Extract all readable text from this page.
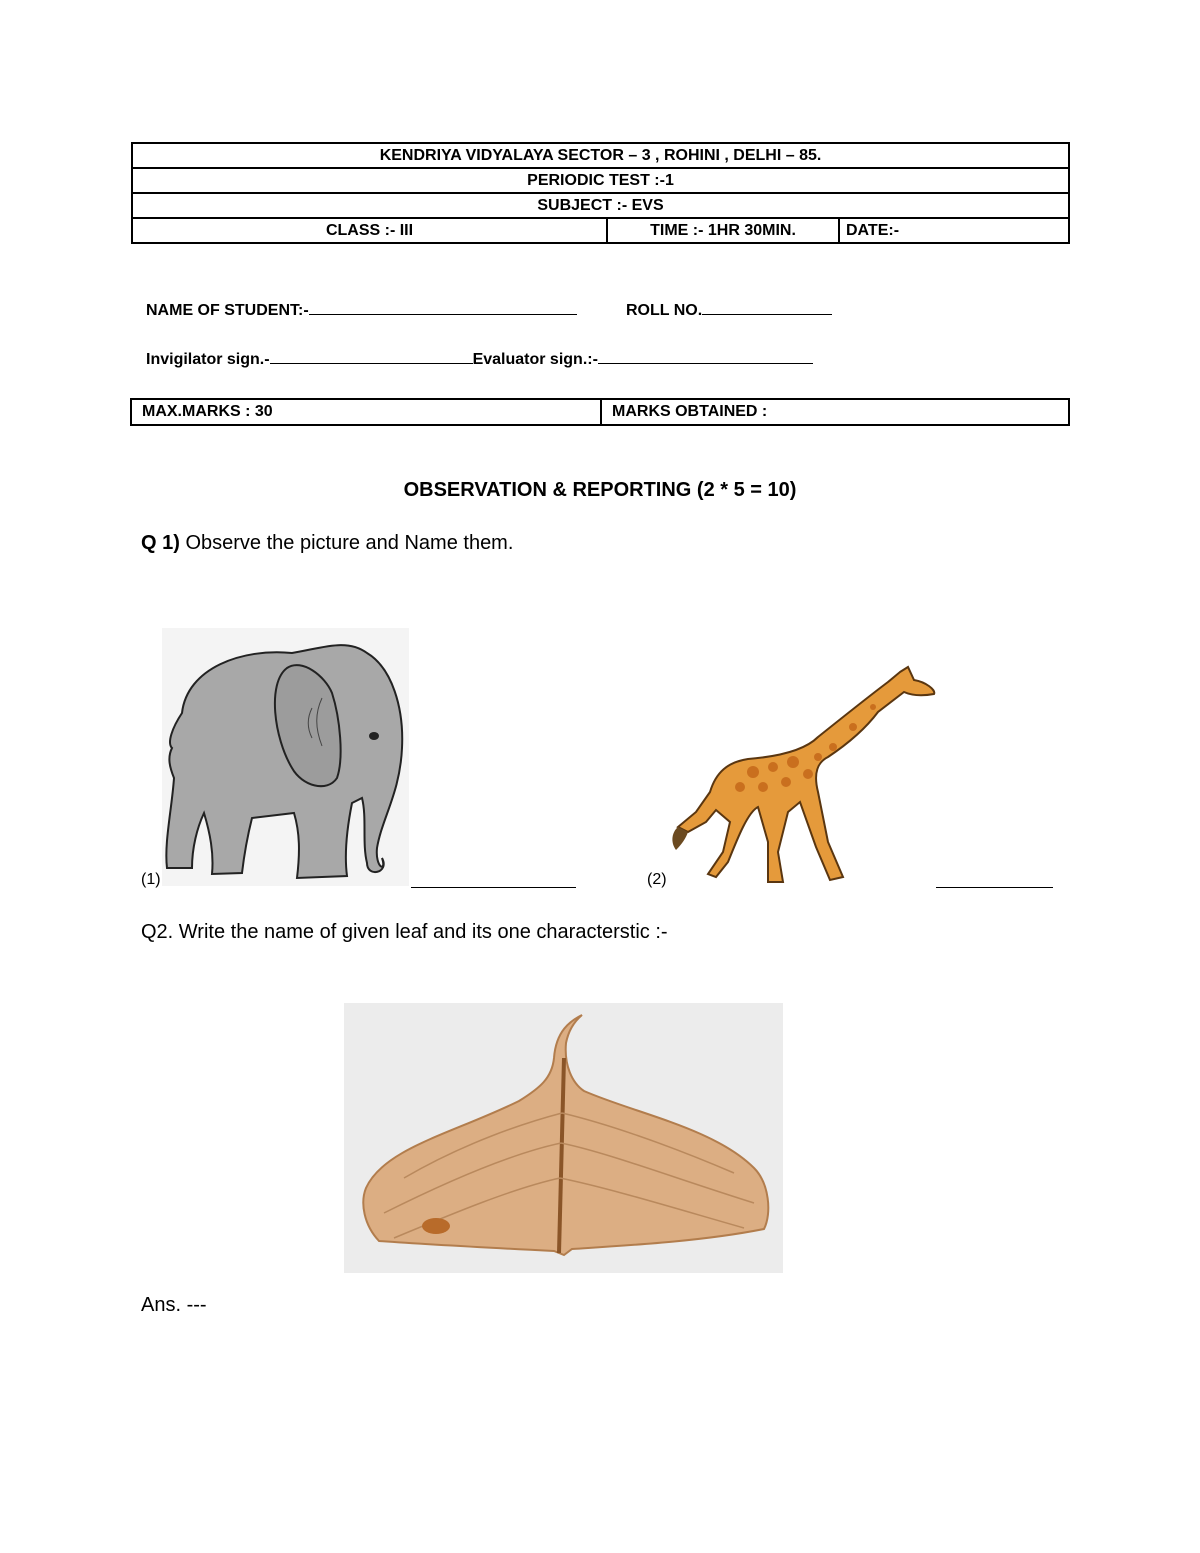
KENDRIYA VIDYALAYA SECTOR – 3 , ROHINI , DELHI – 85.
PERIODIC TEST :-1
SUBJECT :- EVS
CLASS :- III	TIME :- 1HR 30MIN.	DATE:-
NAME OF STUDENT:-	ROLL NO.
Invigilator sign.-	Evaluator sign.:-
MAX.MARKS : 30	MARKS OBTAINED :
OBSERVATION & REPORTING (2 * 5 = 10)
Q 1) Observe the picture and Name them.
(1)	(2)
Q2. Write the name of given leaf and its one characterstic :-
Ans. ---
